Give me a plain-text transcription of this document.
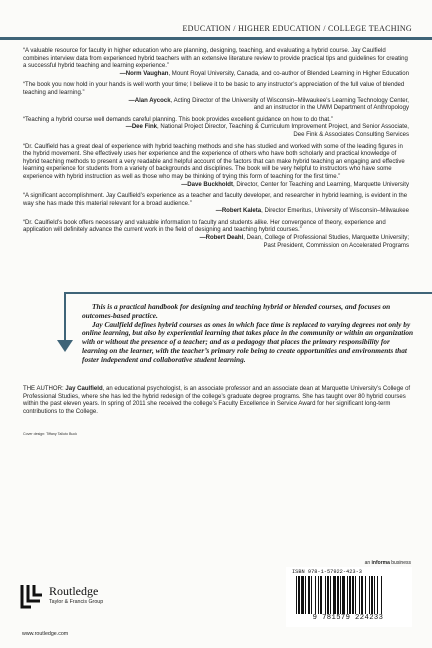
EDUCATION / HIGHER EDUCATION / COLLEGE TEACHING
“A valuable resource for faculty in higher education who are planning, designing, teaching, and evaluating a hybrid course. Jay Caulfield combines interview data from experienced hybrid teachers with an extensive literature review to provide practical tips and guidelines for creating a successful hybrid teaching and learning experience.”
—Norm Vaughan, Mount Royal University, Canada, and co-author of Blended Learning in Higher Education
“The book you now hold in your hands is well worth your time; I believe it to be basic to any instructor’s appreciation of the full value of blended teaching and learning.”
—Alan Aycock, Acting Director of the University of Wisconsin–Milwaukee’s Learning Technology Center,
and an instructor in the UWM Department of Anthropology
“Teaching a hybrid course well demands careful planning. This book provides excellent guidance on how to do that.”
—Dee Fink, National Project Director, Teaching & Curriculum Improvement Project, and Senior Associate,
Dee Fink & Associates Consulting Services
“Dr. Caulfield has a great deal of experience with hybrid teaching methods and she has studied and worked with some of the leading figures in the hybrid movement. She effectively uses her experience and the experience of others who have both scholarly and practical knowledge of hybrid teaching methods to present a very readable and helpful account of the factors that can make hybrid teaching an engaging and effective learning experience for students from a variety of backgrounds and disciplines. The book will be very helpful to instructors who have some experience with hybrid instruction as well as those who may be thinking of trying this form of teaching for the first time.”
—Dave Buckholdt, Director, Center for Teaching and Learning, Marquette University
“A significant accomplishment. Jay Caulfield’s experience as a teacher and faculty developer, and researcher in hybrid learning, is evident in the way she has made this material relevant for a broad audience.”
—Robert Kaleta, Director Emeritus, University of Wisconsin–Milwaukee
“Dr. Caulfield’s book offers necessary and valuable information to faculty and students alike. Her convergence of theory, experience and application will definitely advance the current work in the field of designing and teaching hybrid courses.”
—Robert Deahl, Dean, College of Professional Studies, Marquette University;
Past President, Commission on Accelerated Programs

This is a practical handbook for designing and teaching hybrid or blended courses, and focuses on outcomes-based practice.

Jay Caulfield defines hybrid courses as ones in which face time is replaced to varying degrees not only by online learning, but also by experiential learning that takes place in the community or within an organization with or without the presence of a teacher; and as a pedagogy that places the primary responsibility for learning on the learner, with the teacher’s primary role being to create opportunities and environments that foster independent and collaborative student learning.

THE AUTHOR: Jay Caulfield, an educational psychologist, is an associate professor and an associate dean at Marquette University’s College of Professional Studies, where she has led the hybrid redesign of the college’s graduate degree programs. She has taught over 80 hybrid courses within the past eleven years. In spring of 2011 she received the college’s Faculty Excellence in Service Award for her significant long-term contributions to the College.
Cover design: Tiffany Talluto Buck
an informa business
ISBN 978-1-57922-423-3
9 781579 224233
Routledge
Taylor & Francis Group
www.routledge.com
